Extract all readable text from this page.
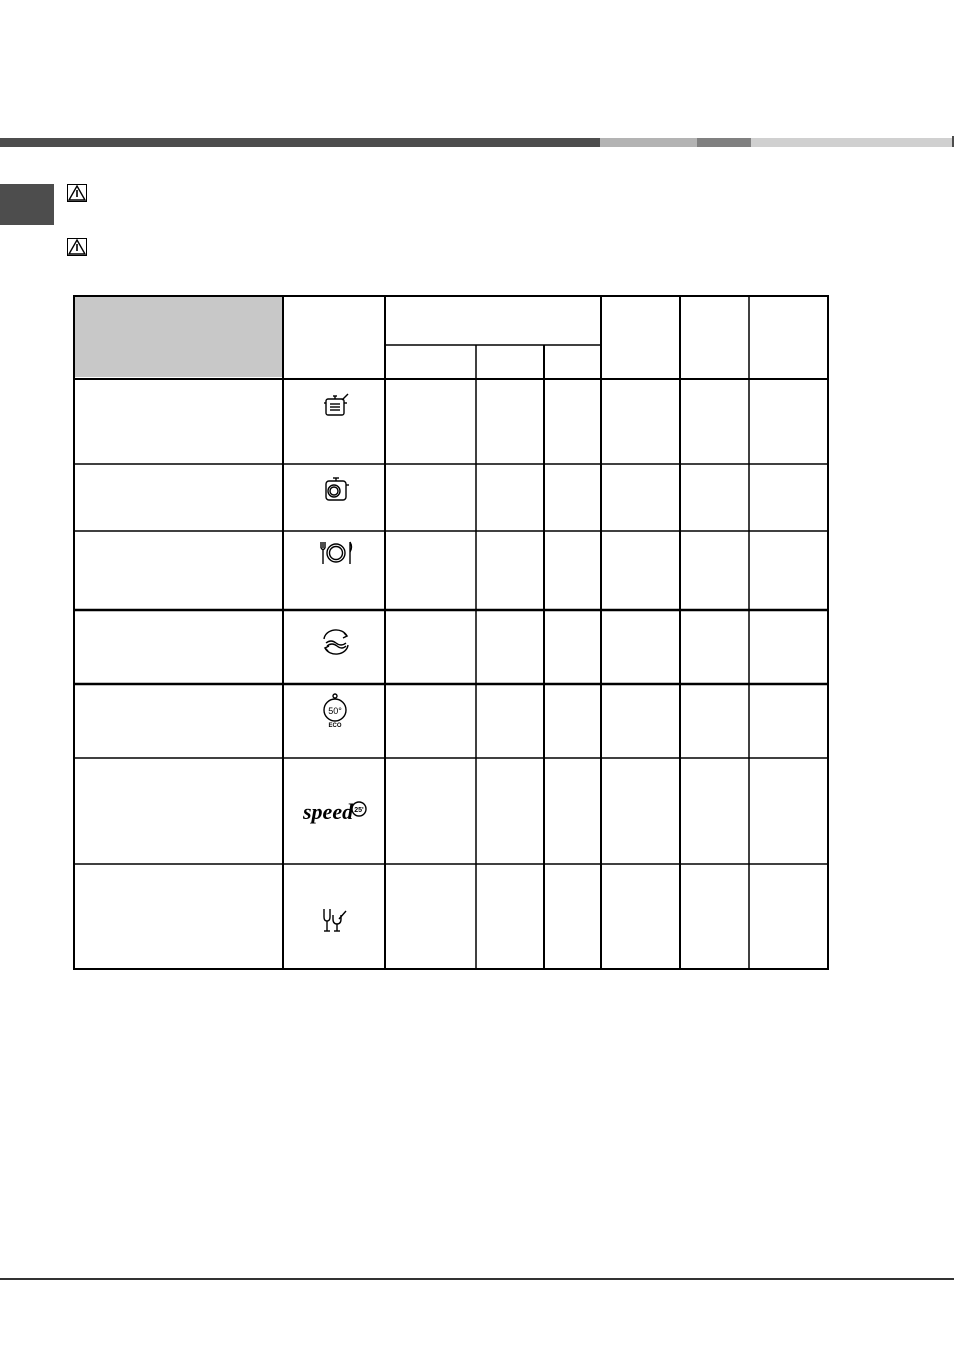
50°
ECO
speed 25'
